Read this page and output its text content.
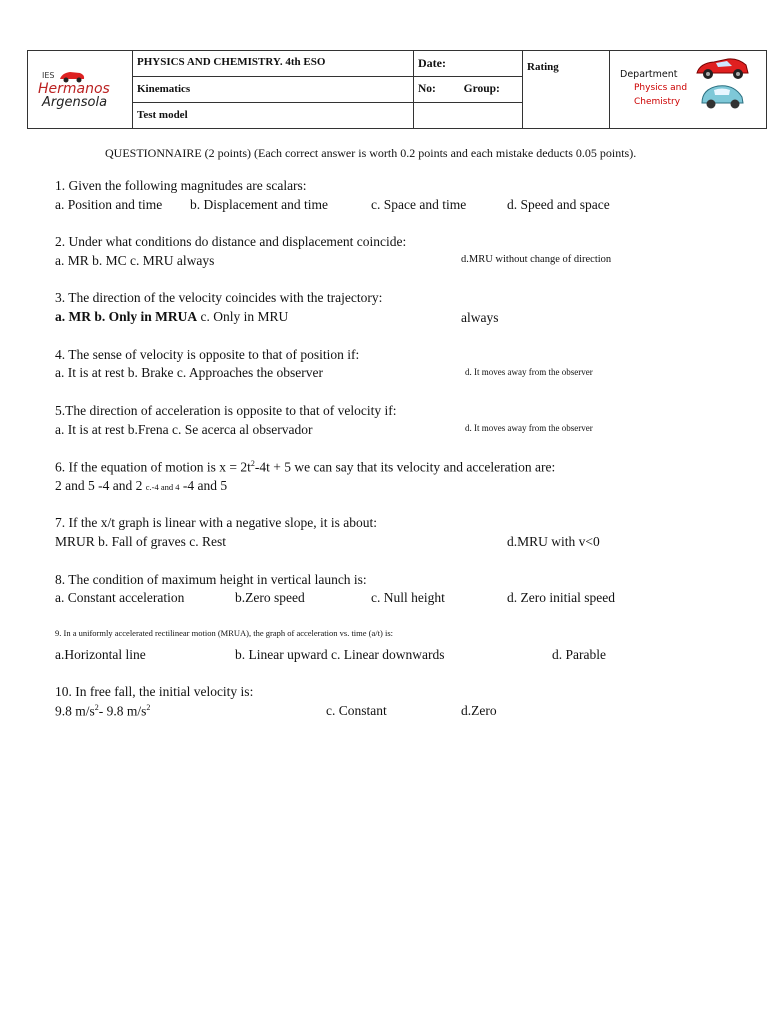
IES
Hermanos
Argensola	PHYSICS AND CHEMISTRY. 4th ESO	Date:	Rating	Department
Physics and
Chemistry

	Kinematics	No: Group:		
	Test model			
QUESTIONNAIRE (2 points) (Each correct answer is worth 0.2 points and each mistake deducts 0.05 points).
1. Given the following magnitudes are scalars:
a. Position and time b. Displacement and time	c. Space and time	d. Speed and space
2. Under what conditions do distance and displacement coincide:
a. MR b. MC c. MRU always	d.MRU without change of direction
3. The direction of the velocity coincides with the trajectory:
a. MR b. Only in MRUA c. Only in MRU	always
4. The sense of velocity is opposite to that of position if:
a. It is at rest b. Brake c. Approaches the observer	d. It moves away from the observer
5.The direction of acceleration is opposite to that of velocity if:
a. It is at rest b.Frena c. Se acerca al observador	d. It moves away from the observer
6. If the equation of motion is $x = 2t^2-4t + 5$ we can say that its velocity and acceleration are:
2 and 5 -4 and 2 c.-4 and 4 -4 and 5
7. If the x/t graph is linear with a negative slope, it is about:
MRUR b. Fall of graves c. Rest	d.MRU with v<0
8. The condition of maximum height in vertical launch is:
a. Constant acceleration	b.Zero speed	c. Null height	d. Zero initial speed
9. In a uniformly accelerated rectilinear motion (MRUA), the graph of acceleration vs. time (a/t) is:
a.Horizontal line	b. Linear upward c. Linear downwards	d. Parable
10. In free fall, the initial velocity is:
9.8 $m/s^2-$ 9.8 $m/s^2$	c. Constant	d.Zero
